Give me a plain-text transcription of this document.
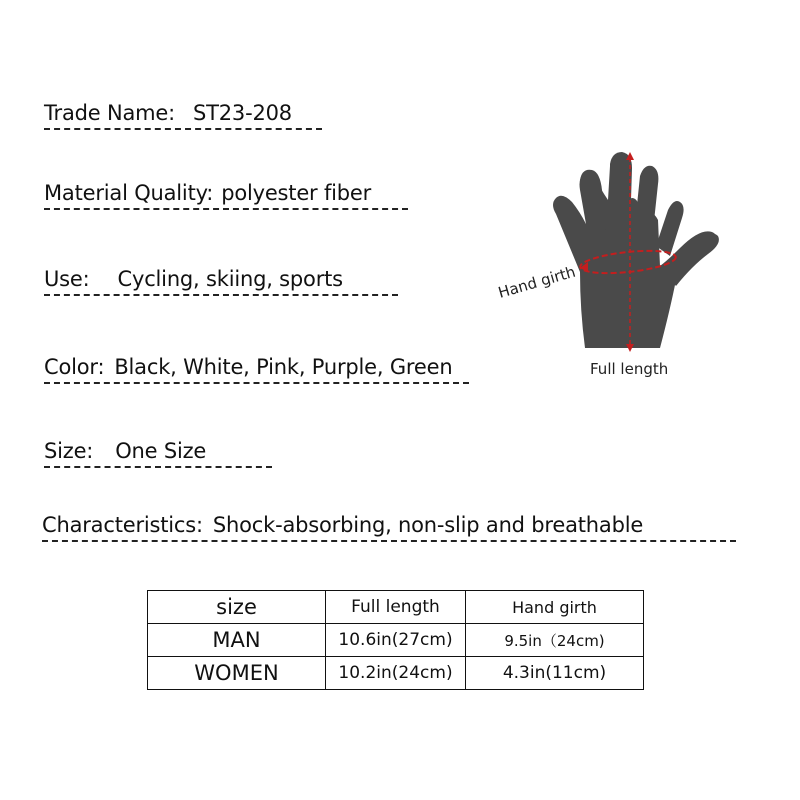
Trade Name: ST23-208
Material Quality: polyester fiber
Use: Cycling, skiing, sports
Color: Black, White, Pink, Purple, Green
Size: One Size
Characteristics: Shock-absorbing, non-slip and breathable
Hand girth
Full length
size	Full length	Hand girth
MAN	10.6in(27cm)	9.5in（24cm)
WOMEN	10.2in(24cm)	4.3in(11cm)
